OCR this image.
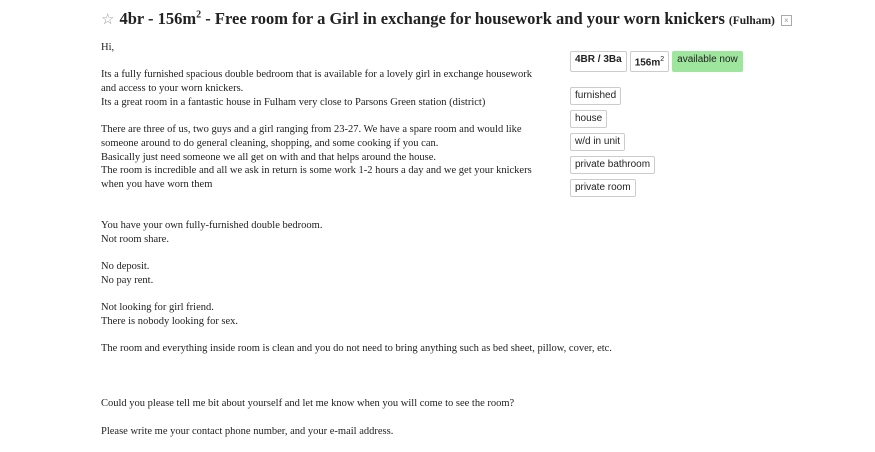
☆ $4br - 156m^2$ - Free room for a Girl in exchange for housework and your worn knickers (Fulham)	×

Hi,

Its a fully furnished spacious double bedroom that is available for a lovely girl in exchange housework
and access to your worn knickers.
Its a great room in a fantastic house in Fulham very close to Parsons Green station (district)

There are three of us, two guys and a girl ranging from 23-27. We have a spare room and would like
someone around to do general cleaning, shopping, and some cooking if you can.
Basically just need someone we all get on with and that helps around the house.
The room is incredible and all we ask in return is some work 1-2 hours a day and we get your knickers
when you have worn them

You have your own fully-furnished double bedroom.
Not room share.

No deposit.
No pay rent.

Not looking for girl friend.
There is nobody looking for sex.

The room and everything inside room is clean and you do not need to bring anything such as bed sheet, pillow, cover, etc.

Could you please tell me bit about yourself and let me know when you will come to see the room?

Please write me your contact phone number, and your e-mail address.

4BR / 3Ba	$156m^2$	available now
furnished
house
w/d in unit
private bathroom
private room
